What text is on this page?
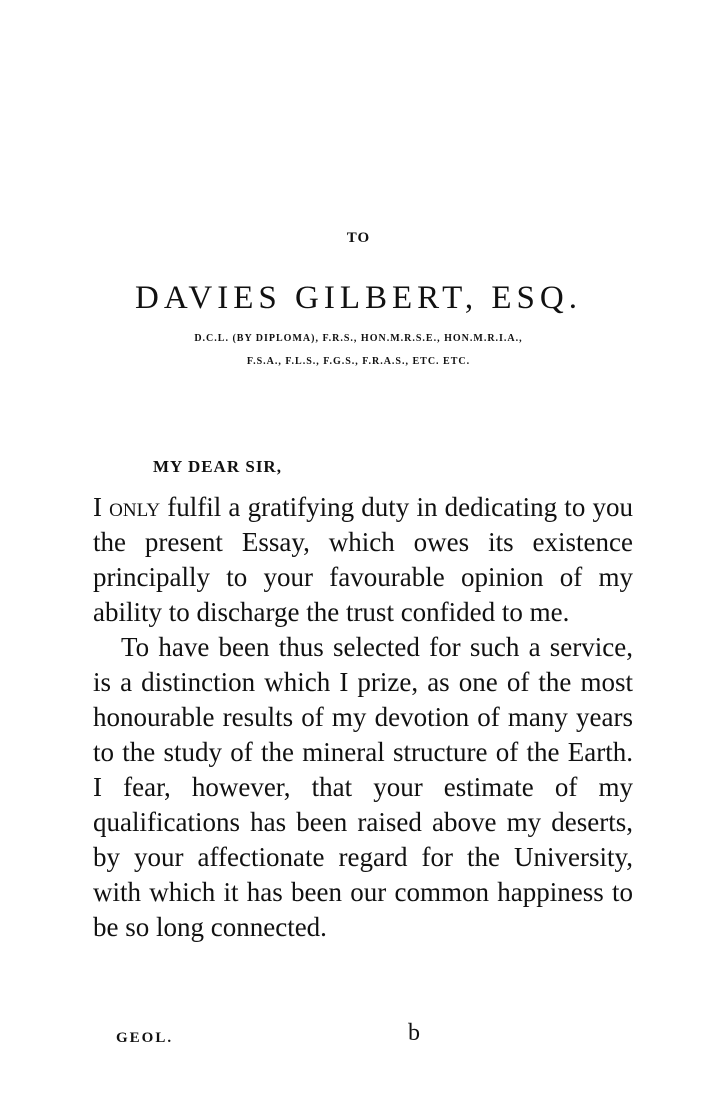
TO
DAVIES GILBERT, ESQ.
D.C.L. (BY DIPLOMA), F.R.S., HON.M.R.S.E., HON.M.R.I.A.,
F.S.A., F.L.S., F.G.S., F.R.A.S., ETC. ETC.
MY DEAR SIR,

I only fulfil a gratifying duty in dedicating to you the present Essay, which owes its existence principally to your favourable opinion of my ability to discharge the trust confided to me.

To have been thus selected for such a service, is a distinction which I prize, as one of the most honourable results of my devotion of many years to the study of the mineral structure of the Earth. I fear, however, that your estimate of my qualifications has been raised above my deserts, by your affectionate regard for the University, with which it has been our common happiness to be so long connected.

GEOL.	b
